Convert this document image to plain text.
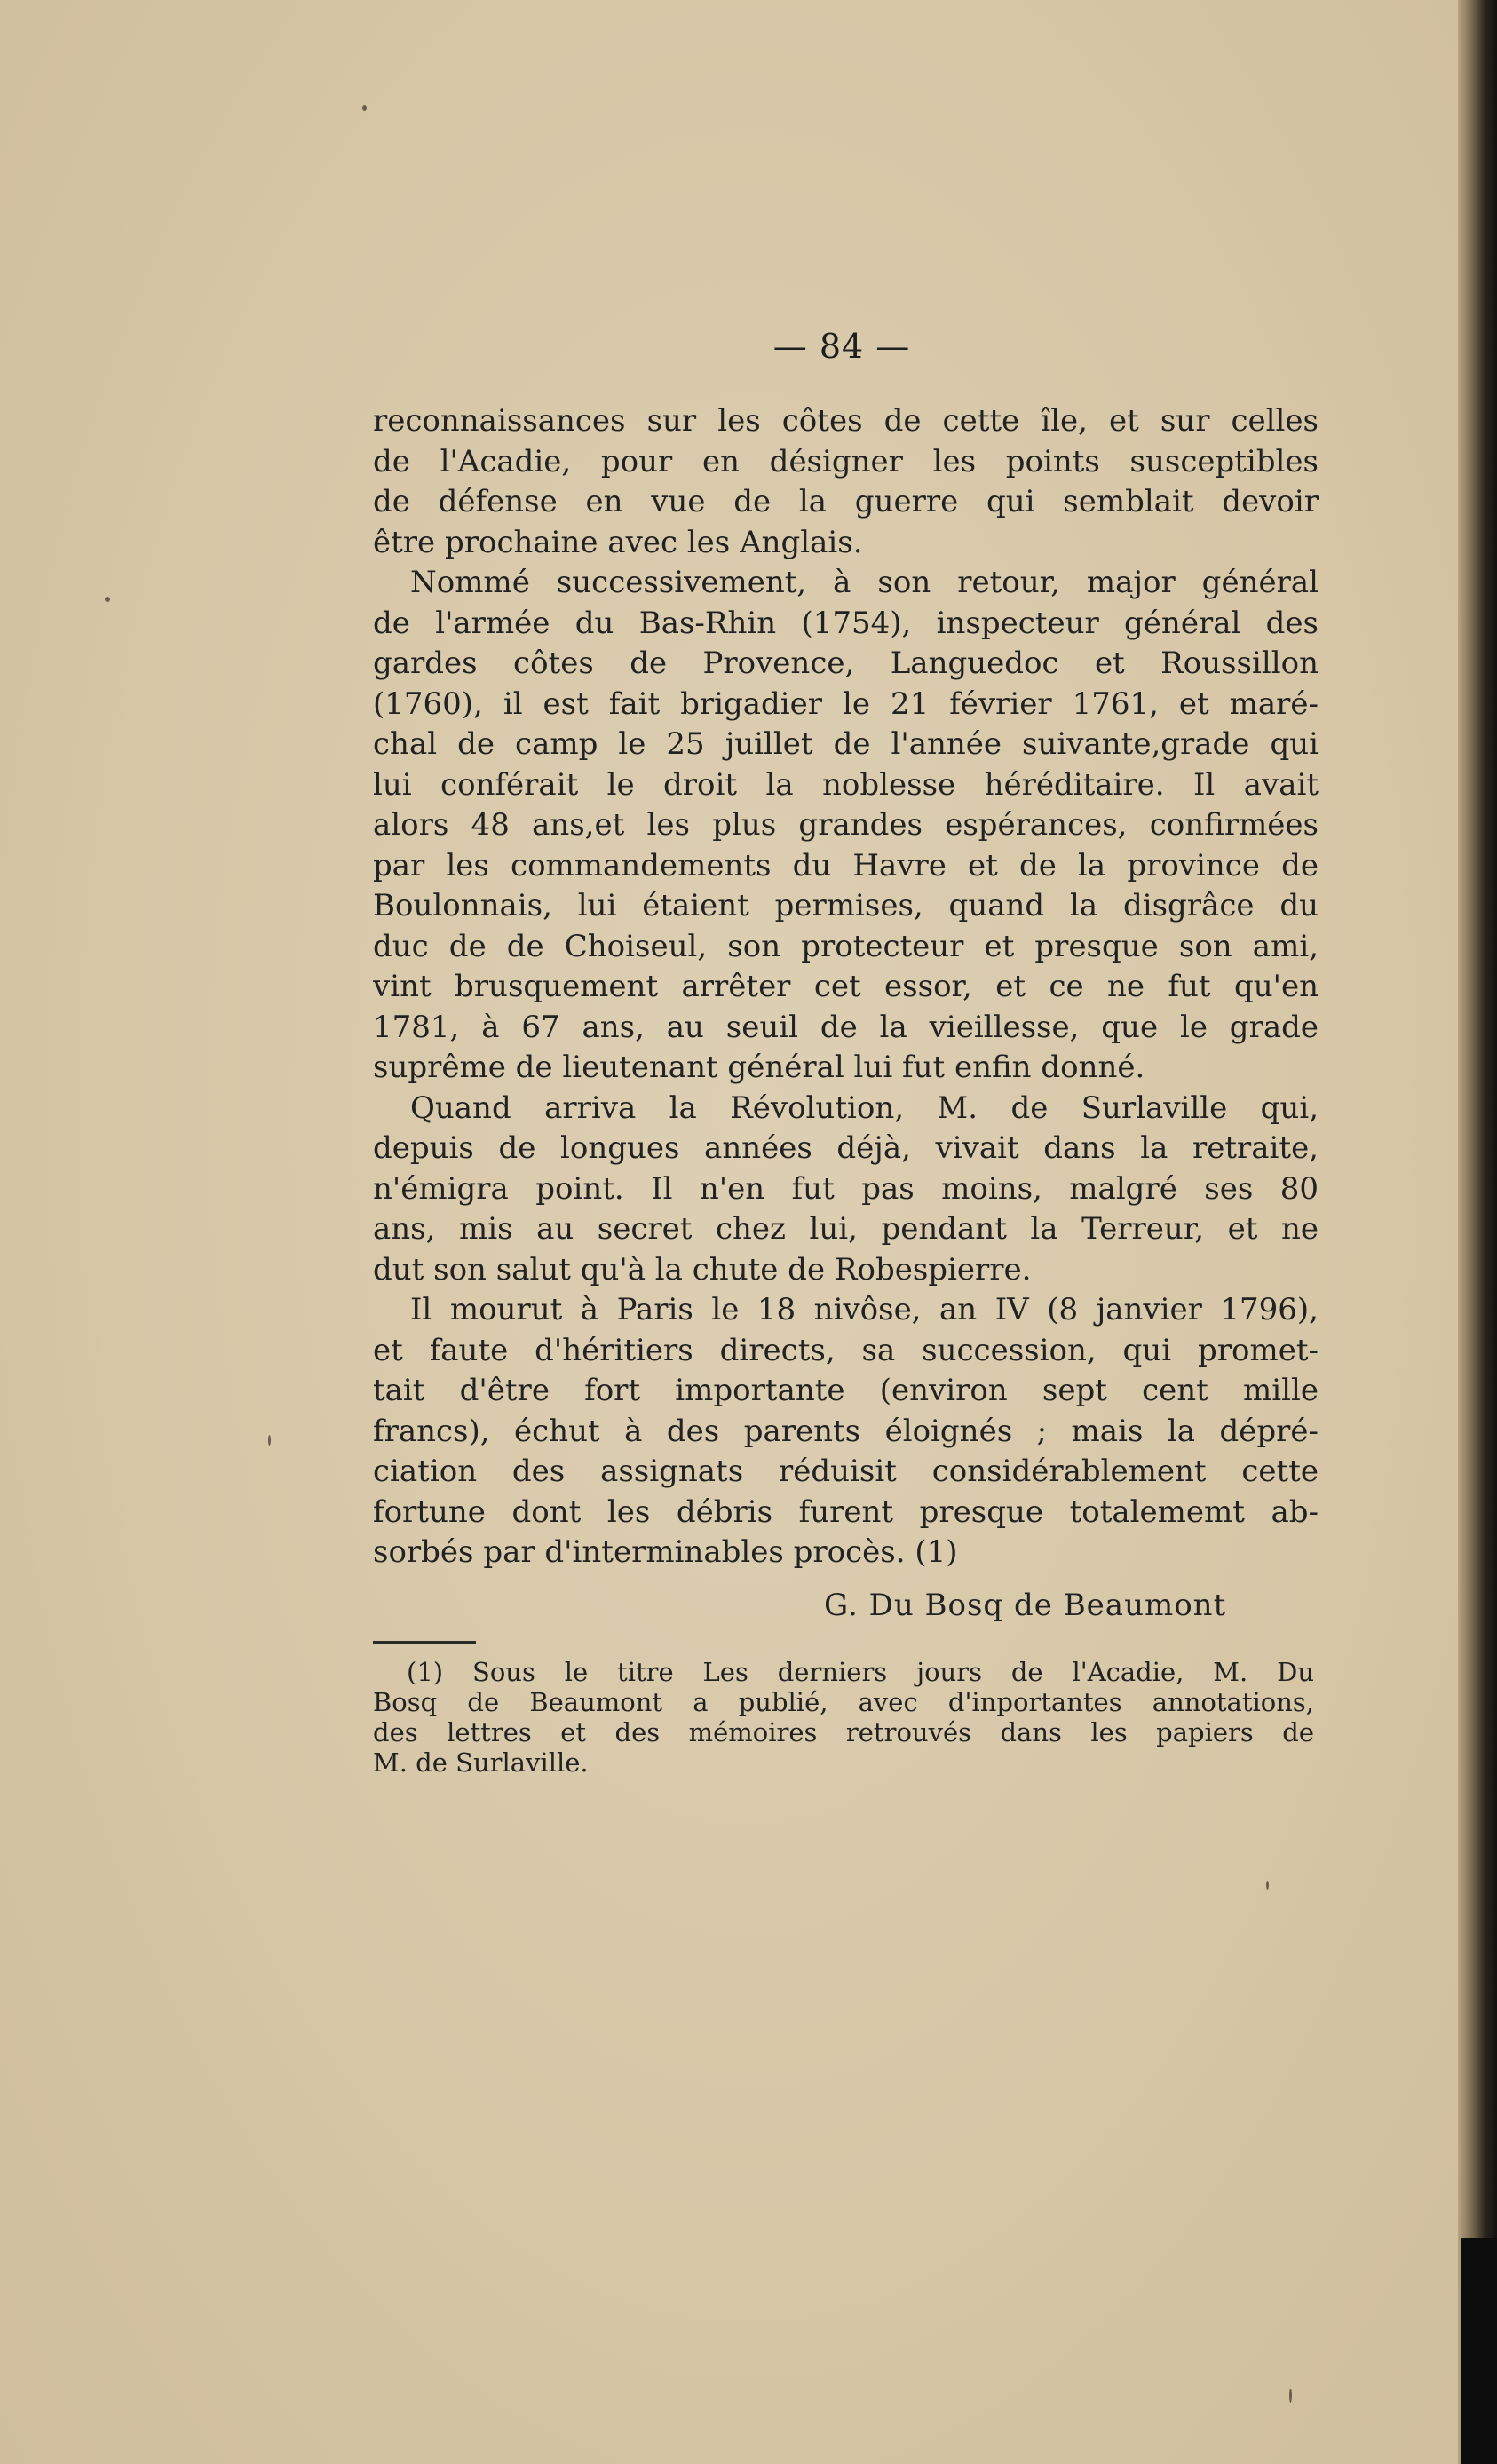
— 84 —
reconnaissances sur les côtes de cette île, et sur celles
de l'Acadie, pour en désigner les points susceptibles
de défense en vue de la guerre qui semblait devoir
être prochaine avec les Anglais.
Nommé successivement, à son retour, major général
de l'armée du Bas-Rhin (1754), inspecteur général des
gardes côtes de Provence, Languedoc et Roussillon
(1760), il est fait brigadier le 21 février 1761, et maré-
chal de camp le 25 juillet de l'année suivante,grade qui
lui conférait le droit la noblesse héréditaire. Il avait
alors 48 ans,et les plus grandes espérances, confirmées
par les commandements du Havre et de la province de
Boulonnais, lui étaient permises, quand la disgrâce du
duc de de Choiseul, son protecteur et presque son ami,
vint brusquement arrêter cet essor, et ce ne fut qu'en
1781, à 67 ans, au seuil de la vieillesse, que le grade
suprême de lieutenant général lui fut enfin donné.
Quand arriva la Révolution, M. de Surlaville qui,
depuis de longues années déjà, vivait dans la retraite,
n'émigra point. Il n'en fut pas moins, malgré ses 80
ans, mis au secret chez lui, pendant la Terreur, et ne
dut son salut qu'à la chute de Robespierre.
Il mourut à Paris le 18 nivôse, an IV (8 janvier 1796),
et faute d'héritiers directs, sa succession, qui promet-
tait d'être fort importante (environ sept cent mille
francs), échut à des parents éloignés ; mais la dépré-
ciation des assignats réduisit considérablement cette
fortune dont les débris furent presque totalememt ab-
sorbés par d'interminables procès. (1)
G. Du Bosq de Beaumont
(1) Sous le titre Les derniers jours de l'Acadie, M. Du
Bosq de Beaumont a publié, avec d'inportantes annotations,
des lettres et des mémoires retrouvés dans les papiers de
M. de Surlaville.
